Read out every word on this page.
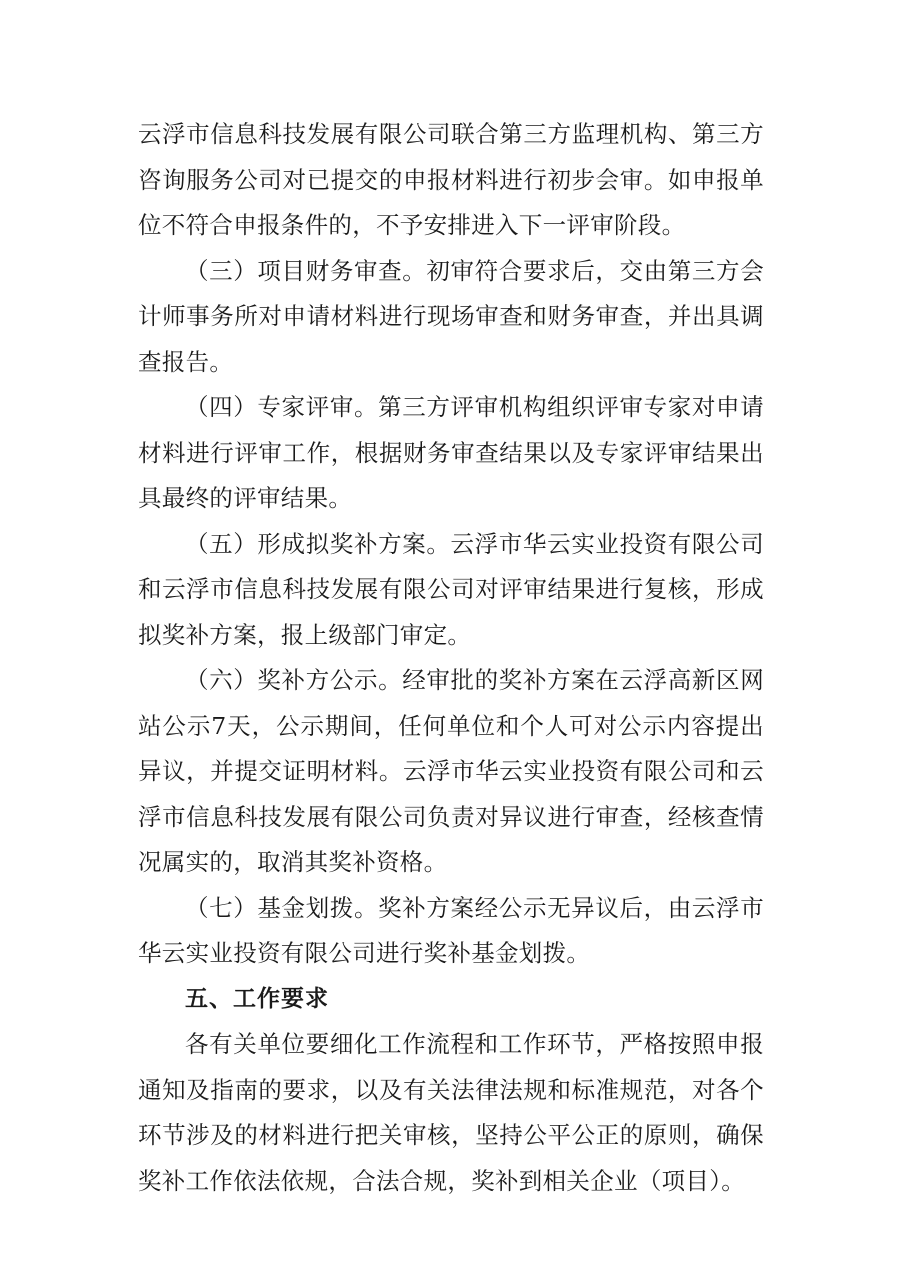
云浮市信息科技发展有限公司联合第三方监理机构、第三方咨询服务公司对已提交的申报材料进行初步会审。如申报单位不符合申报条件的，不予安排进入下一评审阶段。

（三）项目财务审查。初审符合要求后，交由第三方会计师事务所对申请材料进行现场审查和财务审查，并出具调查报告。

（四）专家评审。第三方评审机构组织评审专家对申请材料进行评审工作，根据财务审查结果以及专家评审结果出具最终的评审结果。

（五）形成拟奖补方案。云浮市华云实业投资有限公司和云浮市信息科技发展有限公司对评审结果进行复核，形成拟奖补方案，报上级部门审定。

（六）奖补方公示。经审批的奖补方案在云浮高新区网站公示7天，公示期间，任何单位和个人可对公示内容提出异议，并提交证明材料。云浮市华云实业投资有限公司和云浮市信息科技发展有限公司负责对异议进行审查，经核查情况属实的，取消其奖补资格。

（七）基金划拨。奖补方案经公示无异议后，由云浮市华云实业投资有限公司进行奖补基金划拨。

五、工作要求

各有关单位要细化工作流程和工作环节，严格按照申报通知及指南的要求，以及有关法律法规和标准规范，对各个环节涉及的材料进行把关审核，坚持公平公正的原则，确保奖补工作依法依规，合法合规，奖补到相关企业（项目）。
